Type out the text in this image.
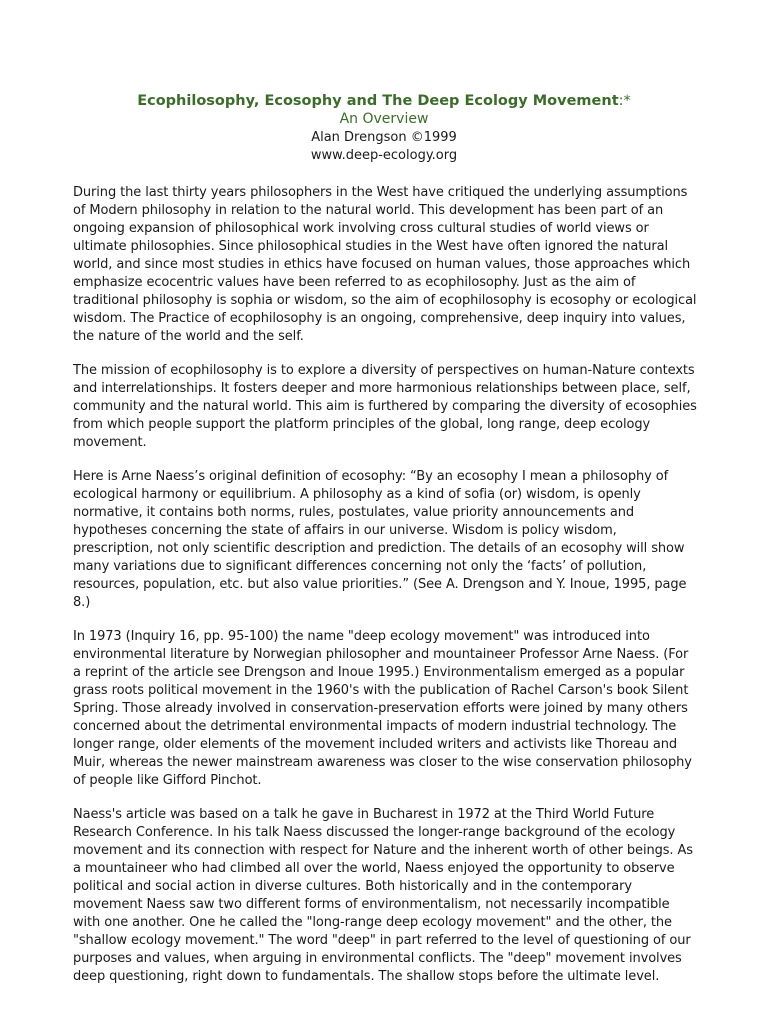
Ecophilosophy, Ecosophy and The Deep Ecology Movement:*
An Overview
Alan Drengson ©1999
www.deep-ecology.org

During the last thirty years philosophers in the West have critiqued the underlying assumptions of Modern philosophy in relation to the natural world. This development has been part of an ongoing expansion of philosophical work involving cross cultural studies of world views or ultimate philosophies. Since philosophical studies in the West have often ignored the natural world, and since most studies in ethics have focused on human values, those approaches which emphasize ecocentric values have been referred to as ecophilosophy. Just as the aim of traditional philosophy is sophia or wisdom, so the aim of ecophilosophy is ecosophy or ecological wisdom. The Practice of ecophilosophy is an ongoing, comprehensive, deep inquiry into values, the nature of the world and the self.

The mission of ecophilosophy is to explore a diversity of perspectives on human-Nature contexts and interrelationships. It fosters deeper and more harmonious relationships between place, self, community and the natural world. This aim is furthered by comparing the diversity of ecosophies from which people support the platform principles of the global, long range, deep ecology movement.

Here is Arne Naess’s original definition of ecosophy: “By an ecosophy I mean a philosophy of ecological harmony or equilibrium. A philosophy as a kind of sofia (or) wisdom, is openly normative, it contains both norms, rules, postulates, value priority announcements and hypotheses concerning the state of affairs in our universe. Wisdom is policy wisdom, prescription, not only scientific description and prediction. The details of an ecosophy will show many variations due to significant differences concerning not only the ‘facts’ of pollution, resources, population, etc. but also value priorities.” (See A. Drengson and Y. Inoue, 1995, page 8.)

In 1973 (Inquiry 16, pp. 95-100) the name "deep ecology movement" was introduced into environmental literature by Norwegian philosopher and mountaineer Professor Arne Naess. (For a reprint of the article see Drengson and Inoue 1995.) Environmentalism emerged as a popular grass roots political movement in the 1960's with the publication of Rachel Carson's book Silent Spring. Those already involved in conservation-preservation efforts were joined by many others concerned about the detrimental environmental impacts of modern industrial technology. The longer range, older elements of the movement included writers and activists like Thoreau and Muir, whereas the newer mainstream awareness was closer to the wise conservation philosophy of people like Gifford Pinchot.

Naess's article was based on a talk he gave in Bucharest in 1972 at the Third World Future Research Conference. In his talk Naess discussed the longer-range background of the ecology movement and its connection with respect for Nature and the inherent worth of other beings. As a mountaineer who had climbed all over the world, Naess enjoyed the opportunity to observe political and social action in diverse cultures. Both historically and in the contemporary movement Naess saw two different forms of environmentalism, not necessarily incompatible with one another. One he called the "long-range deep ecology movement" and the other, the "shallow ecology movement." The word "deep" in part referred to the level of questioning of our purposes and values, when arguing in environmental conflicts. The "deep" movement involves deep questioning, right down to fundamentals. The shallow stops before the ultimate level.
